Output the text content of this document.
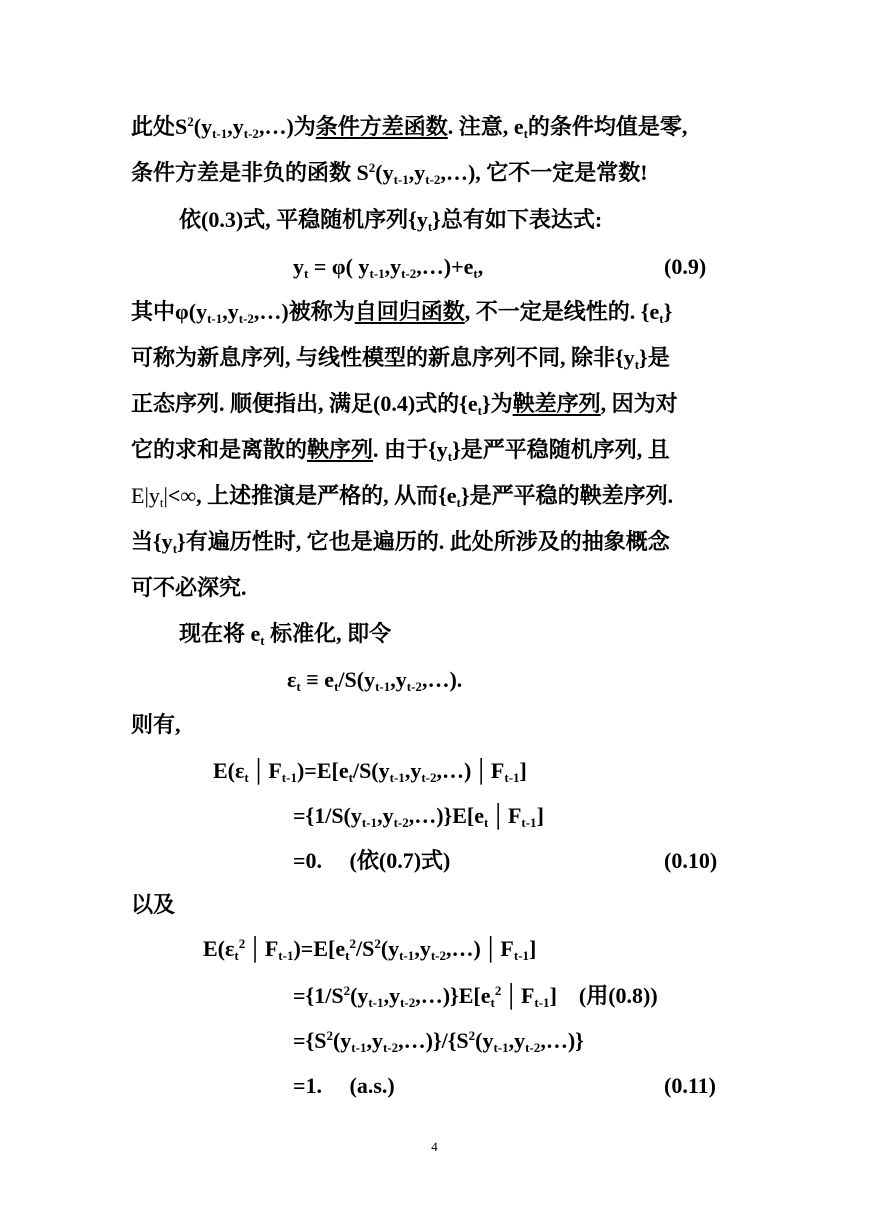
此处$S^2(y_{t-1},y_{t-2},\dots)$为条件方差函数. 注意, $e_t$的条件均值是零,
条件方差是非负的函数 $S^2(y_{t-1},y_{t-2},\dots)$, 它不一定是常数!
依(0.3)式, 平稳随机序列$\{y_t\}$总有如下表达式:
$y_t = \varphi$( $y_{t-1},y_{t-2},\dots)+e_t$,	(0.9)
其中$\varphi(y_{t-1},y_{t-2},\dots)$被称为自回归函数, 不一定是线性的. $\{e_t\}$
可称为新息序列, 与线性模型的新息序列不同, 除非$\{y_t\}$是
正态序列. 顺便指出, 满足(0.4)式的$\{e_t\}$为鞅差序列, 因为对
它的求和是离散的鞅序列. 由于$\{y_t\}$是严平稳随机序列, 且
$E|y_t|<\infty$, 上述推演是严格的, 从而$\{e_t\}$是严平稳的鞅差序列.
当$\{y_t\}$有遍历性时, 它也是遍历的. 此处所涉及的抽象概念
可不必深究.
现在将 $e_t$ 标准化, 即令
$\varepsilon_t$ ≡ $e_t/S(y_{t-1},y_{t-2},\dots)$.
则有,
$E(\varepsilon_t│F_{t-1})=E[e_t/S(y_{t-1},y_{t-2},\dots)│F_{t-1}]$
$=\{1/S(y_{t-1},y_{t-2},\dots)\}E[e_t│F_{t-1}]$
=0.     (依(0.7)式)	(0.10)
以及
$E(\varepsilon_t^2│F_{t-1})=E[e_t^2/S^2(y_{t-1},y_{t-2},\dots)│F_{t-1}]$
$=\{1/S^2(y_{t-1},y_{t-2},\dots)\}E[e_t^2│F_{t-1}]$    (用(0.8))
$=\{S^2(y_{t-1},y_{t-2},\dots)\}/\{S^2(y_{t-1},y_{t-2},\dots)\}$
=1.     (a.s.)	(0.11)
4
